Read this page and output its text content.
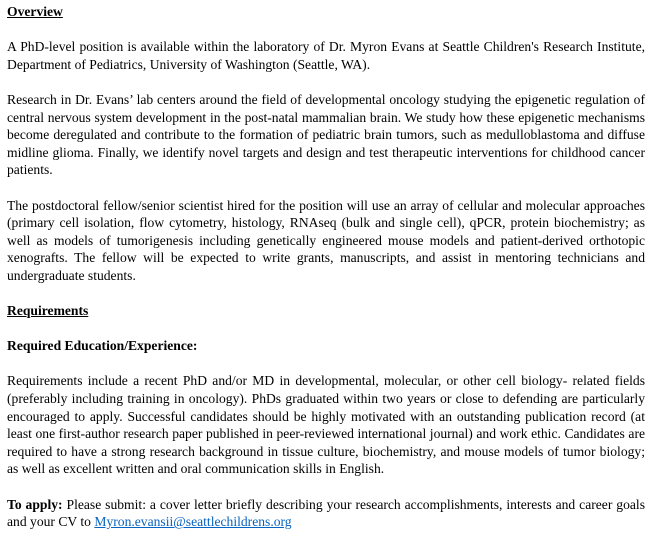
Overview

A PhD-level position is available within the laboratory of Dr. Myron Evans at Seattle Children's Research Institute, Department of Pediatrics, University of Washington (Seattle, WA).

Research in Dr. Evans’ lab centers around the field of developmental oncology studying the epigenetic regulation of central nervous system development in the post-natal mammalian brain. We study how these epigenetic mechanisms become deregulated and contribute to the formation of pediatric brain tumors, such as medulloblastoma and diffuse midline glioma. Finally, we identify novel targets and design and test therapeutic interventions for childhood cancer patients.

The postdoctoral fellow/senior scientist hired for the position will use an array of cellular and molecular approaches (primary cell isolation, flow cytometry, histology, RNAseq (bulk and single cell), qPCR, protein biochemistry; as well as models of tumorigenesis including genetically engineered mouse models and patient-derived orthotopic xenografts. The fellow will be expected to write grants, manuscripts, and assist in mentoring technicians and undergraduate students.

Requirements

Required Education/Experience:

Requirements include a recent PhD and/or MD in developmental, molecular, or other cell biology- related fields (preferably including training in oncology). PhDs graduated within two years or close to defending are particularly encouraged to apply. Successful candidates should be highly motivated with an outstanding publication record (at least one first-author research paper published in peer-reviewed international journal) and work ethic. Candidates are required to have a strong research background in tissue culture, biochemistry, and mouse models of tumor biology; as well as excellent written and oral communication skills in English.

To apply: Please submit: a cover letter briefly describing your research accomplishments, interests and career goals and your CV to Myron.evansii@seattlechildrens.org
